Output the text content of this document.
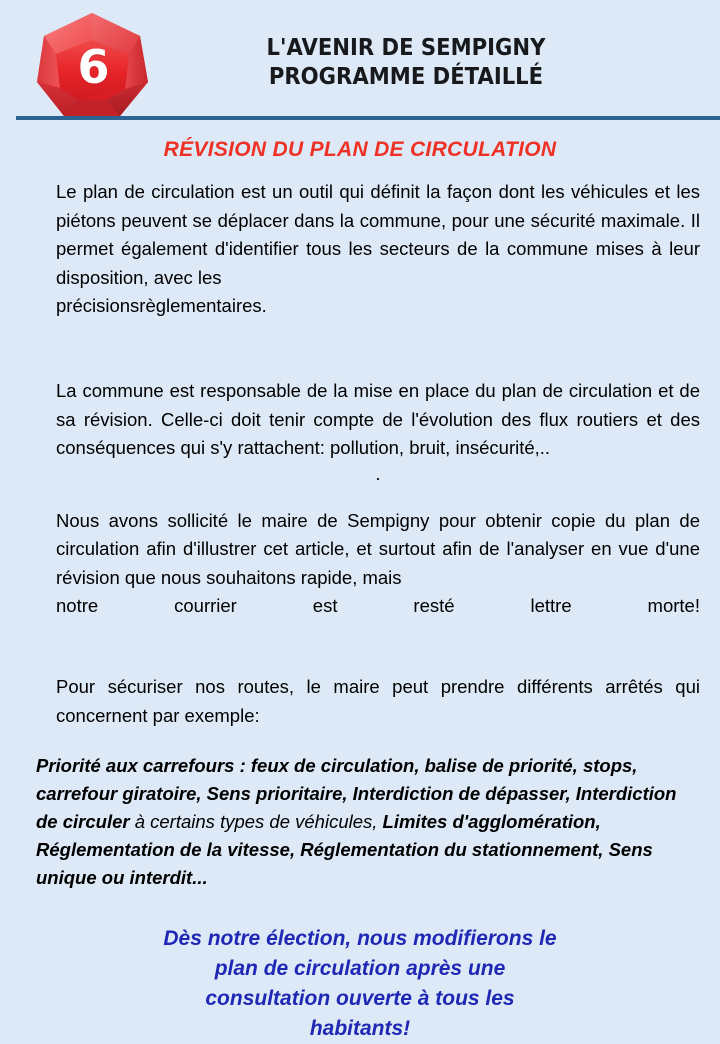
6	L'AVENIR DE SEMPIGNY
PROGRAMME DÉTAILLÉ
RÉVISION DU PLAN DE CIRCULATION
Le plan de circulation est un outil qui définit la façon dont les véhicules et les piétons peuvent se déplacer dans la commune, pour une sécurité maximale. Il permet également d'identifier tous les secteurs de la commune mises à leur disposition, avec les
précisionsrèglementaires.
La commune est responsable de la mise en place du plan de circulation et de sa révision. Celle-ci doit tenir compte de l'évolution des flux routiers et des conséquences qui s'y rattachent: pollution, bruit, insécurité,..
.
Nous avons sollicité le maire de Sempigny pour obtenir copie du plan de circulation afin d'illustrer cet article, et surtout afin de l'analyser en vue d'une révision que nous souhaitons rapide, mais
notre courrier est resté lettre morte!
Pour sécuriser nos routes, le maire peut prendre différents arrêtés qui concernent par exemple:
Priorité aux carrefours : feux de circulation, balise de priorité, stops, carrefour giratoire, Sens prioritaire, Interdiction de dépasser, Interdiction de circuler à certains types de véhicules, Limites d'agglomération, Réglementation de la vitesse, Réglementation du stationnement, Sens unique ou interdit...
Dès notre élection, nous modifierons le
plan de circulation après une
consultation ouverte à tous les
habitants!
